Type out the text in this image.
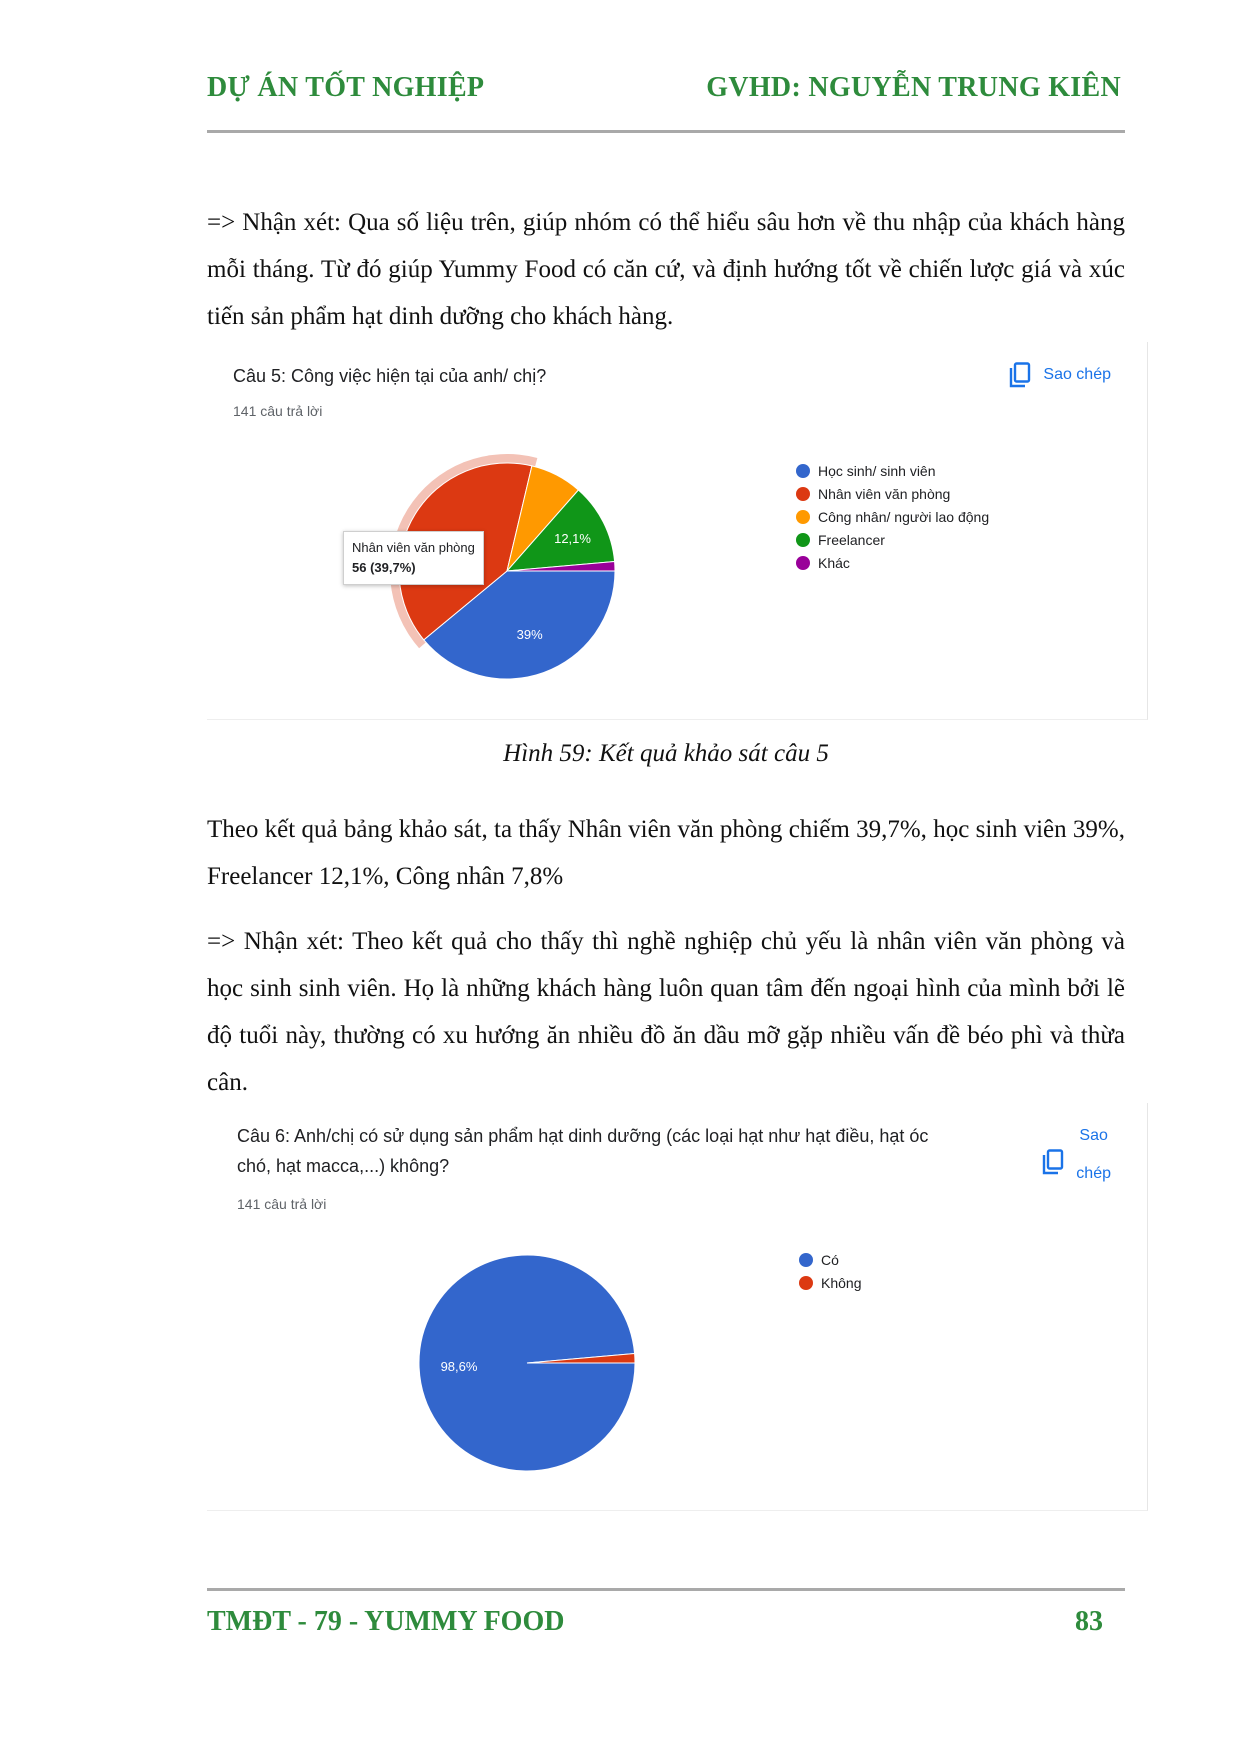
DỰ ÁN TỐT NGHIỆP	GVHD: NGUYỄN TRUNG KIÊN

=> Nhận xét: Qua số liệu trên, giúp nhóm có thể hiểu sâu hơn về thu nhập của khách hàng mỗi tháng. Từ đó giúp Yummy Food có căn cứ, và định hướng tốt về chiến lược giá và xúc tiến sản phẩm hạt dinh dưỡng cho khách hàng.

Câu 5: Công việc hiện tại của anh/ chị?
141 câu trả lời
Sao chép
39%
12,1%
Nhân viên văn phòng
56 (39,7%)
Học sinh/ sinh viên
Nhân viên văn phòng
Công nhân/ người lao động
Freelancer
Khác
Hình 59: Kết quả khảo sát câu 5

Theo kết quả bảng khảo sát, ta thấy Nhân viên văn phòng chiếm 39,7%, học sinh viên 39%, Freelancer 12,1%, Công nhân 7,8%

=> Nhận xét: Theo kết quả cho thấy thì nghề nghiệp chủ yếu là nhân viên văn phòng và học sinh sinh viên. Họ là những khách hàng luôn quan tâm đến ngoại hình của mình bởi lẽ độ tuổi này, thường có xu hướng ăn nhiều đồ ăn dầu mỡ gặp nhiều vấn đề béo phì và thừa cân.

Câu 6: Anh/chị có sử dụng sản phẩm hạt dinh dưỡng (các loại hạt như hạt điều, hạt óc
chó, hạt macca,...) không?
141 câu trả lời
Sao
chép
98,6%
Có
Không
TMĐT - 79 - YUMMY FOOD	83
